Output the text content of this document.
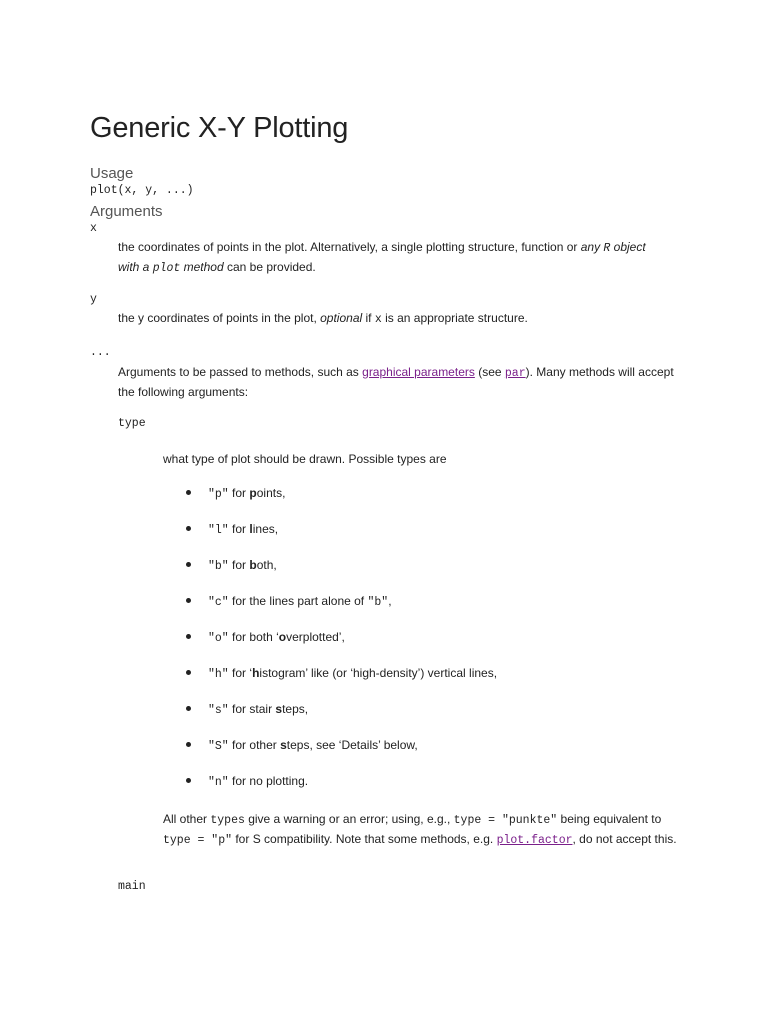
Generic X-Y Plotting
Usage
plot(x, y, ...)
Arguments
x
the coordinates of points in the plot. Alternatively, a single plotting structure, function or any R object
with a plot method can be provided.
y
the y coordinates of points in the plot, optional if x is an appropriate structure.
...
Arguments to be passed to methods, such as graphical parameters (see par). Many methods will accept the following arguments:
type
what type of plot should be drawn. Possible types are
"p" for points,
"l" for lines,
"b" for both,
"c" for the lines part alone of "b",
"o" for both ‘overplotted’,
"h" for ‘histogram’ like (or ‘high-density’) vertical lines,
"s" for stair steps,
"S" for other steps, see ‘Details’ below,
"n" for no plotting.
All other types give a warning or an error; using, e.g., type = "punkte" being equivalent to type = "p" for S compatibility. Note that some methods, e.g. plot.factor, do not accept this.
main
